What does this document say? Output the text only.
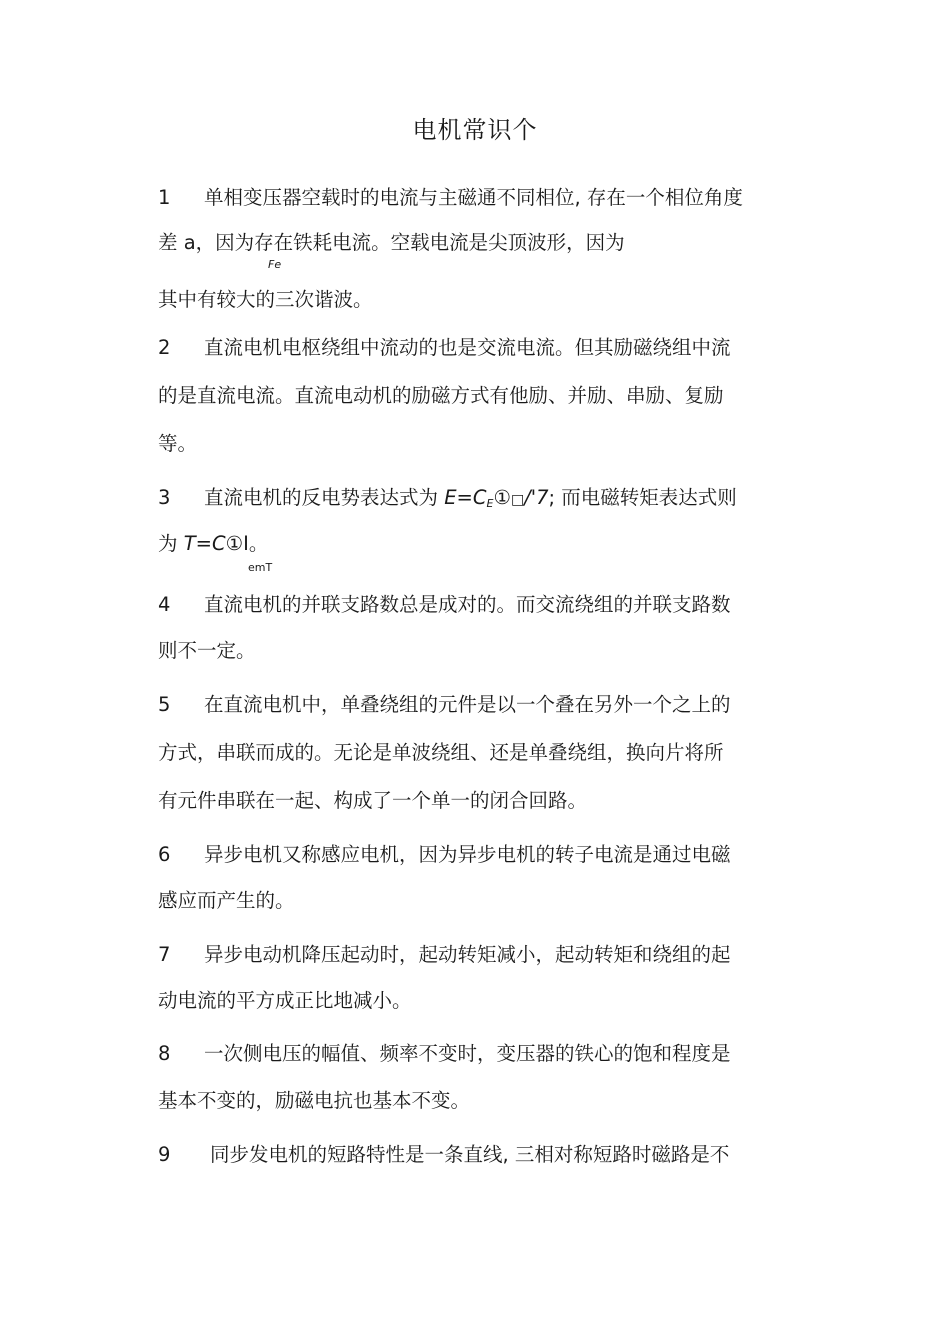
电机常识个
1 单相变压器空载时的电流与主磁通不同相位, 存在一个相位角度
差 a，因为存在铁耗电流。空载电流是尖顶波形，因为
Fe
其中有较大的三次谐波。
2 直流电机电枢绕组中流动的也是交流电流。但其励磁绕组中流
的是直流电流。直流电动机的励磁方式有他励、并励、串励、复励
等。
3 直流电机的反电势表达式为 $E=C_E①□/'7$; 而电磁转矩表达式则
为 T=C①I。
emT
4 直流电机的并联支路数总是成对的。而交流绕组的并联支路数
则不一定。
5 在直流电机中，单叠绕组的元件是以一个叠在另外一个之上的
方式，串联而成的。无论是单波绕组、还是单叠绕组，换向片将所
有元件串联在一起、构成了一个单一的闭合回路。
6 异步电机又称感应电机，因为异步电机的转子电流是通过电磁
感应而产生的。
7 异步电动机降压起动时，起动转矩减小，起动转矩和绕组的起
动电流的平方成正比地减小。
8 一次侧电压的幅值、频率不变时，变压器的铁心的饱和程度是
基本不变的，励磁电抗也基本不变。
9 同步发电机的短路特性是一条直线, 三相对称短路时磁路是不
